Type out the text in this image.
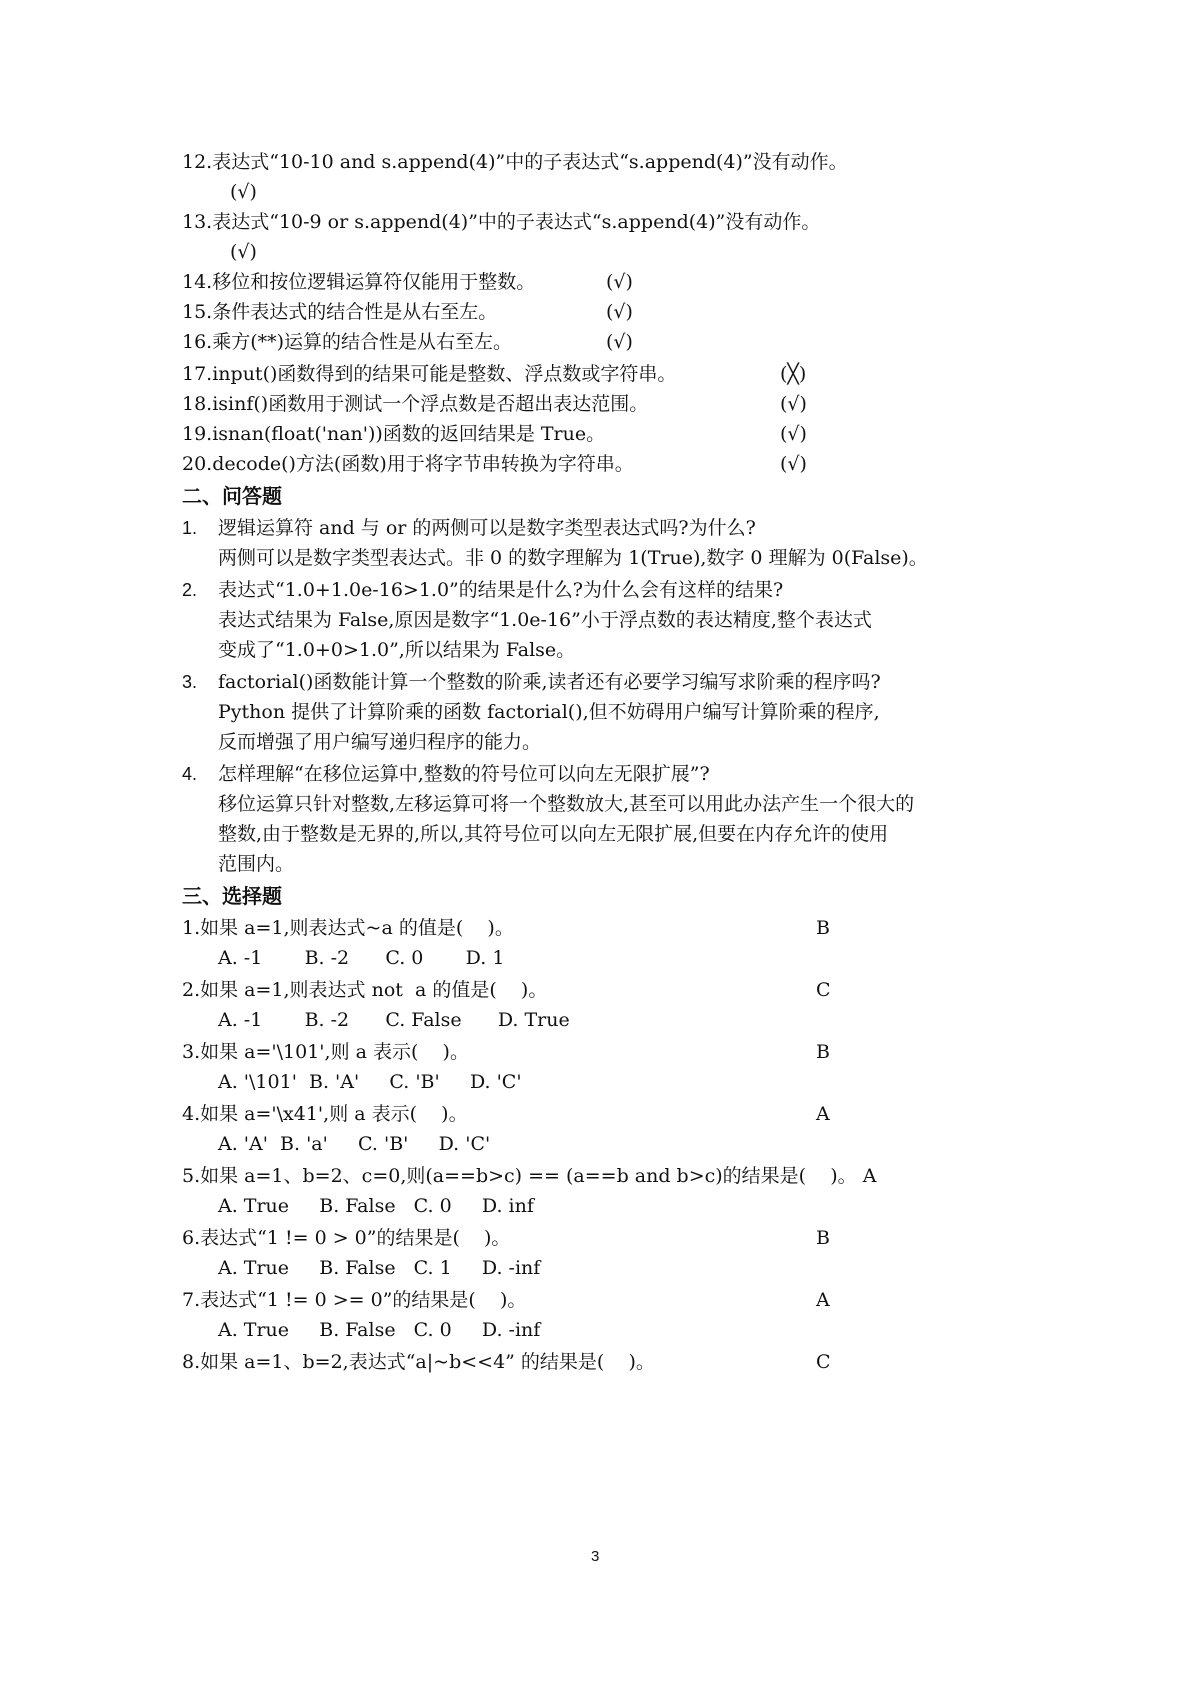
12.表达式“10-10 and s.append(4)”中的子表达式“s.append(4)”没有动作。
(√)
13.表达式“10-9 or s.append(4)”中的子表达式“s.append(4)”没有动作。
(√)
14.移位和按位逻辑运算符仅能用于整数。	(√)
15.条件表达式的结合性是从右至左。	(√)
16.乘方(**)运算的结合性是从右至左。	(√)
17.input()函数得到的结果可能是整数、浮点数或字符串。	(╳)
18.isinf()函数用于测试一个浮点数是否超出表达范围。	(√)
19.isnan(float('nan'))函数的返回结果是 True。	(√)
20.decode()方法(函数)用于将字节串转换为字符串。	(√)
二、问答题
1. 逻辑运算符 and 与 or 的两侧可以是数字类型表达式吗?为什么?
两侧可以是数字类型表达式。非 0 的数字理解为 1(True),数字 0 理解为 0(False)。
2. 表达式“1.0+1.0e-16>1.0”的结果是什么?为什么会有这样的结果?
表达式结果为 False,原因是数字“1.0e-16”小于浮点数的表达精度,整个表达式
变成了“1.0+0>1.0”,所以结果为 False。
3. factorial()函数能计算一个整数的阶乘,读者还有必要学习编写求阶乘的程序吗?
Python 提供了计算阶乘的函数 factorial(),但不妨碍用户编写计算阶乘的程序,
反而增强了用户编写递归程序的能力。
4. 怎样理解“在移位运算中,整数的符号位可以向左无限扩展”?
移位运算只针对整数,左移运算可将一个整数放大,甚至可以用此办法产生一个很大的
整数,由于整数是无界的,所以,其符号位可以向左无限扩展,但要在内存允许的使用
范围内。
三、选择题
1.如果 a=1,则表达式~a 的值是(    )。	B
A. -1       B. -2      C. 0       D. 1
2.如果 a=1,则表达式 not  a 的值是(    )。	C
A. -1       B. -2      C. False      D. True
3.如果 a='\101',则 a 表示(    )。	B
A. '\101'  B. 'A'     C. 'B'     D. 'C'
4.如果 a='\x41',则 a 表示(    )。	A
A. 'A'  B. 'a'     C. 'B'     D. 'C'
5.如果 a=1、b=2、c=0,则(a==b>c) == (a==b and b>c)的结果是(    )。 A
A. True     B. False   C. 0     D. inf
6.表达式“1 != 0 > 0”的结果是(    )。	B
A. True     B. False   C. 1     D. -inf
7.表达式“1 != 0 >= 0”的结果是(    )。	A
A. True     B. False   C. 0     D. -inf
8.如果 a=1、b=2,表达式“a|~b<<4” 的结果是(    )。	C
3
